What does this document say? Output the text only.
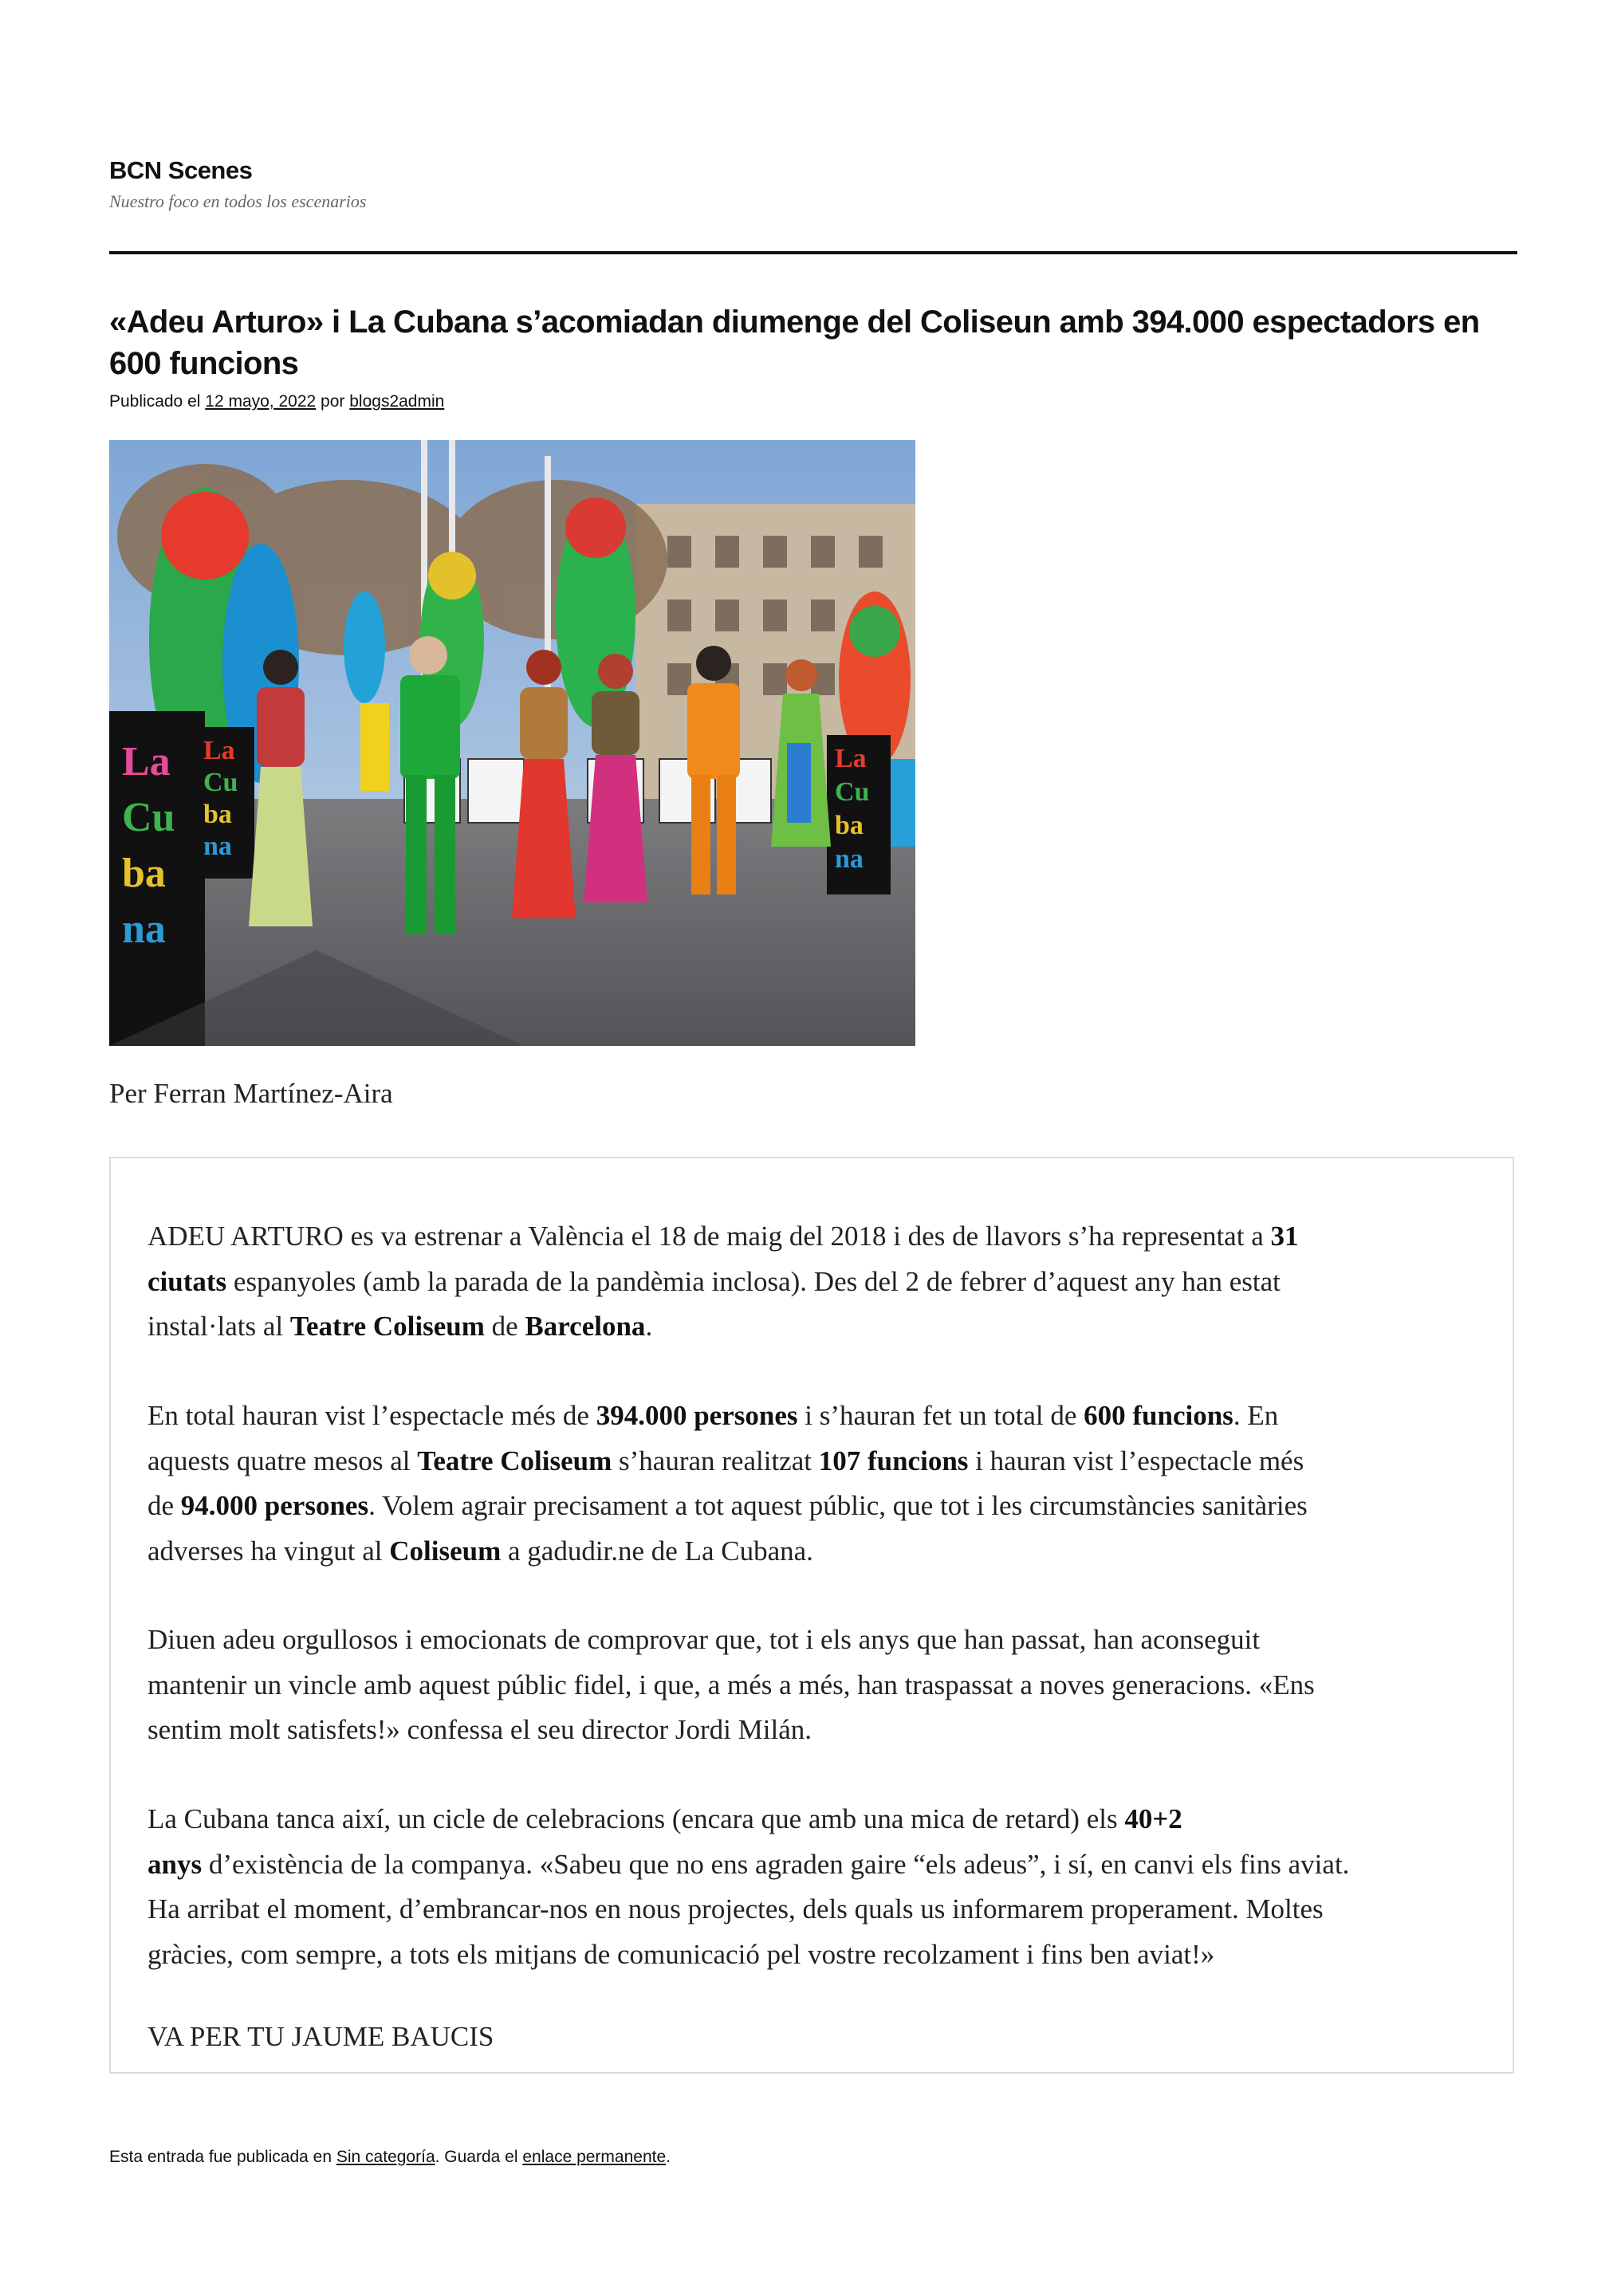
BCN Scenes
Nuestro foco en todos los escenarios
«Adeu Arturo» i La Cubana s’acomiadan diumenge del Coliseun amb 394.000 espectadors en 600 funcions
Publicado el 12 mayo, 2022 por blogs2admin
La
Cu
ba
na
La
Cu
ba
na
La
Cu
ba
na
Per Ferran Martínez-Aira

ADEU ARTURO es va estrenar a València el 18 de maig del 2018 i des de llavors s’ha representat a 31
ciutats espanyoles (amb la parada de la pandèmia inclosa). Des del 2 de febrer d’aquest any han estat
instal·lats al Teatre Coliseum de Barcelona.

En total hauran vist l’espectacle més de 394.000 persones i s’hauran fet un total de 600 funcions. En
aquests quatre mesos al Teatre Coliseum s’hauran realitzat 107 funcions i hauran vist l’espectacle més
de 94.000 persones. Volem agrair precisament a tot aquest públic, que tot i les circumstàncies sanitàries
adverses ha vingut al Coliseum a gadudir.ne de La Cubana.

Diuen adeu orgullosos i emocionats de comprovar que, tot i els anys que han passat, han aconseguit
mantenir un vincle amb aquest públic fidel, i que, a més a més, han traspassat a noves generacions. «Ens
sentim molt satisfets!» confessa el seu director Jordi Milán.

La Cubana tanca així, un cicle de celebracions (encara que amb una mica de retard) els 40+2
anys d’existència de la companya. «Sabeu que no ens agraden gaire “els adeus”, i sí, en canvi els fins aviat.
Ha arribat el moment, d’embrancar-nos en nous projectes, dels quals us informarem properament. Moltes
gràcies, com sempre, a tots els mitjans de comunicació pel vostre recolzament i fins ben aviat!»

VA PER TU JAUME BAUCIS

Esta entrada fue publicada en Sin categoría. Guarda el enlace permanente.
